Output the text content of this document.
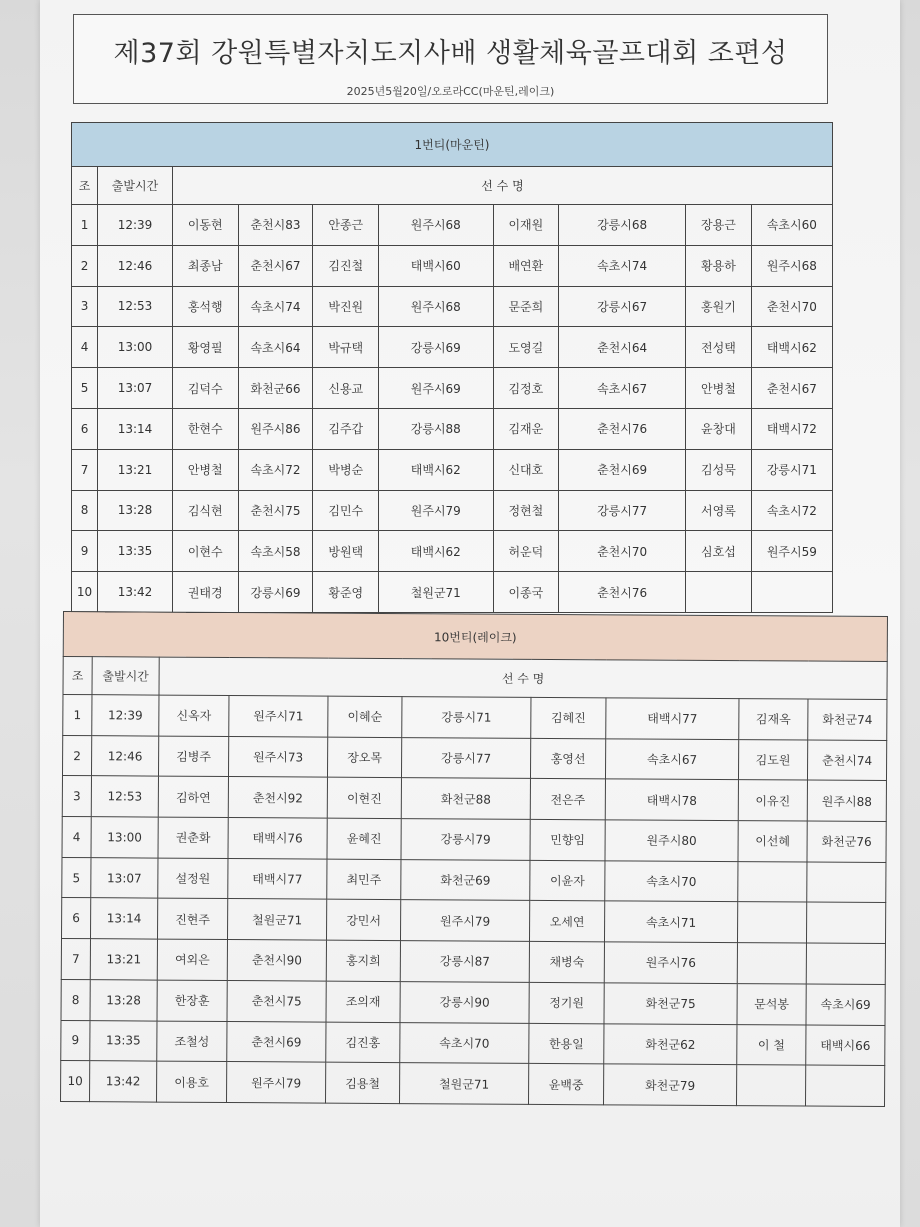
제37회 강원특별자치도지사배 생활체육골프대회 조편성
2025년5월20일/오로라CC(마운틴,레이크)
1번티(마운틴)									
조	출발시간	선 수 명							
1	12:39	이동현	춘천시83	안종근	원주시68	이재원	강릉시68	장용근	속초시60
2	12:46	최종남	춘천시67	김진철	태백시60	배연환	속초시74	황용하	원주시68
3	12:53	홍석행	속초시74	박진원	원주시68	문준희	강릉시67	홍원기	춘천시70
4	13:00	황영필	속초시64	박규택	강릉시69	도영길	춘천시64	전성택	태백시62
5	13:07	김덕수	화천군66	신용교	원주시69	김정호	속초시67	안병철	춘천시67
6	13:14	한현수	원주시86	김주갑	강릉시88	김재운	춘천시76	윤창대	태백시72
7	13:21	안병철	속초시72	박병순	태백시62	신대호	춘천시69	김성묵	강릉시71
8	13:28	김식현	춘천시75	김민수	원주시79	정현철	강릉시77	서영록	속초시72
9	13:35	이현수	속초시58	방원택	태백시62	허운덕	춘천시70	심호섭	원주시59
10	13:42	권태경	강릉시69	황준영	철원군71	이종국	춘천시76		
10번티(레이크)									
조	출발시간	선 수 명							
1	12:39	신옥자	원주시71	이혜순	강릉시71	김혜진	태백시77	김재옥	화천군74
2	12:46	김병주	원주시73	장오목	강릉시77	홍영선	속초시67	김도원	춘천시74
3	12:53	김하연	춘천시92	이현진	화천군88	전은주	태백시78	이유진	원주시88
4	13:00	권춘화	태백시76	윤혜진	강릉시79	민향임	원주시80	이선혜	화천군76
5	13:07	설정원	태백시77	최민주	화천군69	이윤자	속초시70		
6	13:14	진현주	철원군71	강민서	원주시79	오세연	속초시71		
7	13:21	여외은	춘천시90	홍지희	강릉시87	채병숙	원주시76		
8	13:28	한장훈	춘천시75	조의재	강릉시90	정기원	화천군75	문석봉	속초시69
9	13:35	조철성	춘천시69	김진홍	속초시70	한용일	화천군62	이 철	태백시66
10	13:42	이용호	원주시79	김용철	철원군71	윤백중	화천군79		
